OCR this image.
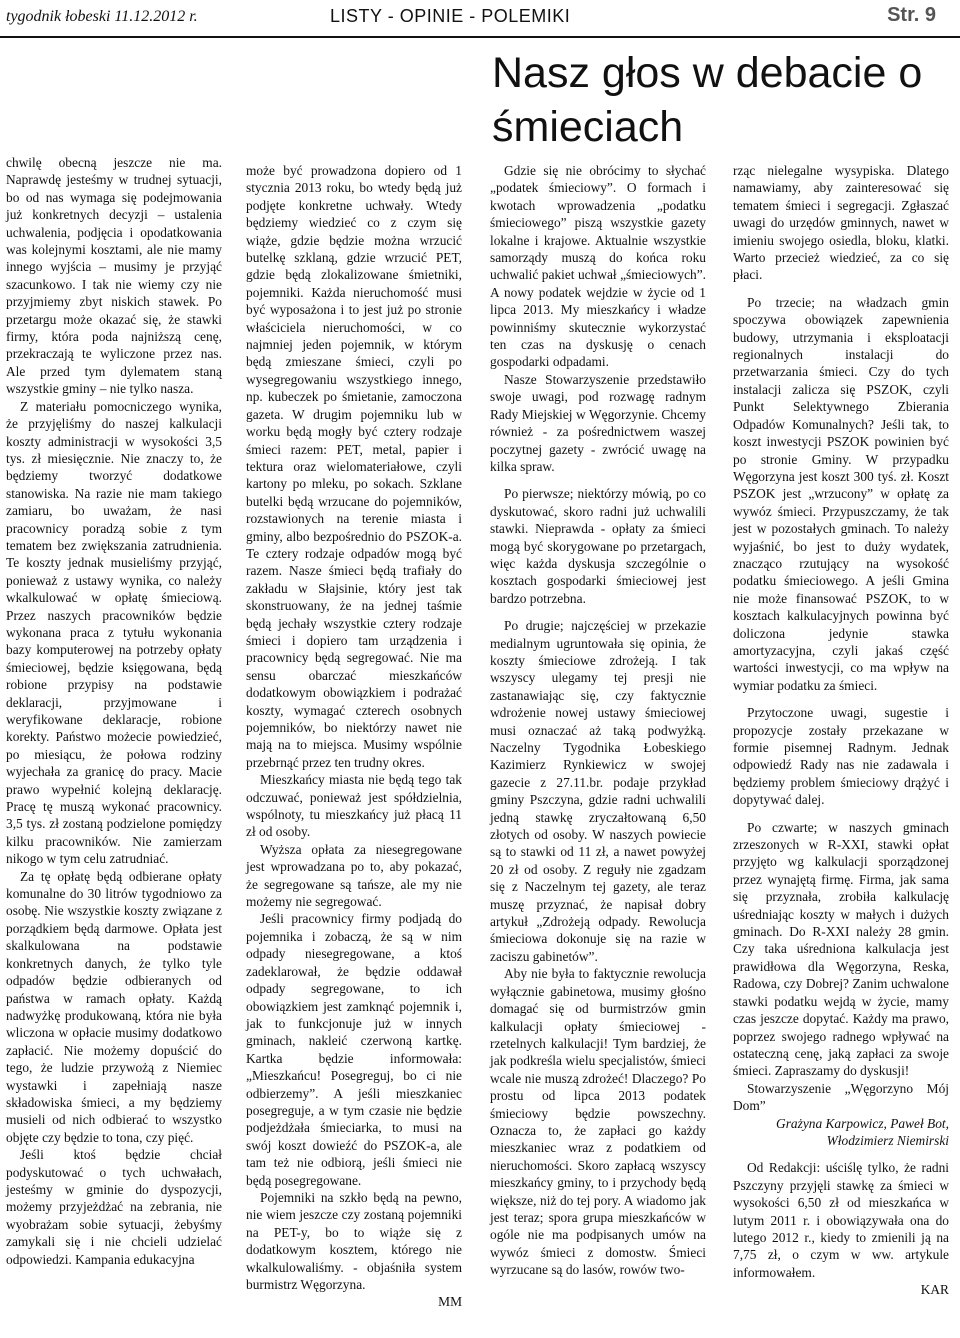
tygodnik łobeski 11.12.2012 r.	LISTY - OPINIE - POLEMIKI	Str. 9
Nasz głos w debacie o śmieciach

chwilę obecną jeszcze nie ma. Naprawdę jesteśmy w trudnej sytuacji, bo od nas wymaga się podejmowania już konkretnych decyzji – ustalenia uchwalenia, podjęcia i opodatkowania was kolejnymi kosztami, ale nie mamy innego wyjścia – musimy je przyjąć szacunkowo. I tak nie wiemy czy nie przyjmiemy zbyt niskich stawek. Po przetargu może okazać się, że stawki firmy, która poda najniższą cenę, przekraczają te wyliczone przez nas. Ale przed tym dylematem staną wszystkie gminy – nie tylko nasza.

Z materiału pomocniczego wynika, że przyjęliśmy do naszej kalkulacji koszty administracji w wysokości 3,5 tys. zł miesięcznie. Nie znaczy to, że będziemy tworzyć dodatkowe stanowiska. Na razie nie mam takiego zamiaru, bo uważam, że nasi pracownicy poradzą sobie z tym tematem bez zwiększania zatrudnienia. Te koszty jednak musieliśmy przyjąć, ponieważ z ustawy wynika, co należy wkalkulować w opłatę śmieciową. Przez naszych pracowników będzie wykonana praca z tytułu wykonania bazy komputerowej na potrzeby opłaty śmieciowej, będzie księgowana, będą robione przypisy na podstawie deklaracji, przyjmowane i weryfikowane deklaracje, robione korekty. Państwo możecie powiedzieć, po miesiącu, że połowa rodziny wyjechała za granicę do pracy. Macie prawo wypełnić kolejną deklarację. Pracę tę muszą wykonać pracownicy. 3,5 tys. zł zostaną podzielone pomiędzy kilku pracowników. Nie zamierzam nikogo w tym celu zatrudniać.

Za tę opłatę będą odbierane opłaty komunalne do 30 litrów tygodniowo za osobę. Nie wszystkie koszty związane z porządkiem będą darmowe. Opłata jest skalkulowana na podstawie konkretnych danych, że tylko tyle odpadów będzie odbieranych od państwa w ramach opłaty. Każdą nadwyżkę produkowaną, która nie była wliczona w opłacie musimy dodatkowo zapłacić. Nie możemy dopuścić do tego, że ludzie przywożą z Niemiec wystawki i zapełniają nasze składowiska śmieci, a my będziemy musieli od nich odbierać to wszystko objęte czy będzie to tona, czy pięć.

Jeśli ktoś będzie chciał podyskutować o tych uchwałach, jesteśmy w gminie do dyspozycji, możemy przyjeżdżać na zebrania, nie wyobrażam sobie sytuacji, żebyśmy zamykali się i nie chcieli udzielać odpowiedzi. Kampania edukacyjna

może być prowadzona dopiero od 1 stycznia 2013 roku, bo wtedy będą już podjęte konkretne uchwały. Wtedy będziemy wiedzieć co z czym się wiąże, gdzie będzie można wrzucić butelkę szklaną, gdzie wrzucić PET, gdzie będą zlokalizowane śmietniki, pojemniki. Każda nieruchomość musi być wyposażona i to jest już po stronie właściciela nieruchomości, w co najmniej jeden pojemnik, w którym będą zmieszane śmieci, czyli po wysegregowaniu wszystkiego innego, np. kubeczek po śmietanie, zamoczona gazeta. W drugim pojemniku lub w worku będą mogły być cztery rodzaje śmieci razem: PET, metal, papier i tektura oraz wielomateriałowe, czyli kartony po mleku, po sokach. Szklane butelki będą wrzucane do pojemników, rozstawionych na terenie miasta i gminy, albo bezpośrednio do PSZOK-a. Te cztery rodzaje odpadów mogą być razem. Nasze śmieci będą trafiały do zakładu w Słajsinie, który jest tak skonstruowany, że na jednej taśmie będą jechały wszystkie cztery rodzaje śmieci i dopiero tam urządzenia i pracownicy będą segregować. Nie ma sensu obarczać mieszkańców dodatkowym obowiązkiem i podrażać koszty, wymagać czterech osobnych pojemników, bo niektórzy nawet nie mają na to miejsca. Musimy wspólnie przebrnąć przez ten trudny okres.

Mieszkańcy miasta nie będą tego tak odczuwać, ponieważ jest spółdzielnia, wspólnoty, tu mieszkańcy już płacą 11 zł od osoby.

Wyższa opłata za niesegregowane jest wprowadzana po to, aby pokazać, że segregowane są tańsze, ale my nie możemy nie segregować.

Jeśli pracownicy firmy podjadą do pojemnika i zobaczą, że są w nim odpady niesegregowane, a ktoś zadeklarował, że będzie oddawał odpady segregowane, to ich obowiązkiem jest zamknąć pojemnik i, jak to funkcjonuje już w innych gminach, nakleić czerwoną kartkę. Kartka będzie informowała: „Mieszkańcu! Posegreguj, bo ci nie odbierzemy”. A jeśli mieszkaniec posegreguje, a w tym czasie nie będzie podjeżdżała śmieciarka, to musi na swój koszt dowieźć do PSZOK-a, ale tam też nie odbiorą, jeśli śmieci nie będą posegregowane.

Pojemniki na szkło będą na pewno, nie wiem jeszcze czy zostaną pojemniki na PET-y, bo to wiąże się z dodatkowym kosztem, którego nie wkalkulowaliśmy. - objaśniła system burmistrz Węgorzyna.

MM

Gdzie się nie obrócimy to słychać „podatek śmieciowy”. O formach i kwotach wprowadzenia „podatku śmieciowego” piszą wszystkie gazety lokalne i krajowe. Aktualnie wszystkie samorządy muszą do końca roku uchwalić pakiet uchwał „śmieciowych”. A nowy podatek wejdzie w życie od 1 lipca 2013. My mieszkańcy i władze powinniśmy skutecznie wykorzystać ten czas na dyskusję o cenach gospodarki odpadami.

Nasze Stowarzyszenie przedstawiło swoje uwagi, pod rozwagę radnym Rady Miejskiej w Węgorzynie. Chcemy również - za pośrednictwem waszej poczytnej gazety - zwrócić uwagę na kilka spraw.

Po pierwsze; niektórzy mówią, po co dyskutować, skoro radni już uchwalili stawki. Nieprawda - opłaty za śmieci mogą być skorygowane po przetargach, więc każda dyskusja szczególnie o kosztach gospodarki śmieciowej jest bardzo potrzebna.

Po drugie; najczęściej w przekazie medialnym ugruntowała się opinia, że koszty śmieciowe zdrożeją. I tak wszyscy ulegamy tej presji nie zastanawiając się, czy faktycznie wdrożenie nowej ustawy śmieciowej musi oznaczać aż taką podwyżką. Naczelny Tygodnika Łobeskiego Kazimierz Rynkiewicz w swojej gazecie z 27.11.br. podaje przykład gminy Pszczyna, gdzie radni uchwalili jedną stawkę zryczałtowaną 6,50 złotych od osoby. W naszych powiecie są to stawki od 11 zł, a nawet powyżej 20 zł od osoby. Z reguły nie zgadzam się z Naczelnym tej gazety, ale teraz muszę przyznać, że napisał dobry artykuł „Zdrożeją odpady. Rewolucja śmieciowa dokonuje się na razie w zaciszu gabinetów”.

Aby nie była to faktycznie rewolucja wyłącznie gabinetowa, musimy głośno domagać się od burmistrzów gmin kalkulacji opłaty śmieciowej - rzetelnych kalkulacji! Tym bardziej, że jak podkreśla wielu specjalistów, śmieci wcale nie muszą zdrożeć! Dlaczego? Po prostu od lipca 2013 podatek śmieciowy będzie powszechny. Oznacza to, że zapłaci go każdy mieszkaniec wraz z podatkiem od nieruchomości. Skoro zapłacą wszyscy mieszkańcy gminy, to i przychody będą większe, niż do tej pory. A wiadomo jak jest teraz; spora grupa mieszkańców w ogóle nie ma podpisanych umów na wywóz śmieci z domostw. Śmieci wyrzucane są do lasów, rowów two-

rząc nielegalne wysypiska. Dlatego namawiamy, aby zainteresować się tematem śmieci i segregacji. Zgłaszać uwagi do urzędów gminnych, nawet w imieniu swojego osiedla, bloku, klatki. Warto przecież wiedzieć, za co się płaci.

Po trzecie; na władzach gmin spoczywa obowiązek zapewnienia budowy, utrzymania i eksploatacji regionalnych instalacji do przetwarzania śmieci. Czy do tych instalacji zalicza się PSZOK, czyli Punkt Selektywnego Zbierania Odpadów Komunalnych? Jeśli tak, to koszt inwestycji PSZOK powinien być po stronie Gminy. W przypadku Węgorzyna jest koszt 300 tyś. zł. Koszt PSZOK jest „wrzucony” w opłatę za wywóz śmieci. Przypuszczamy, że tak jest w pozostałych gminach. To należy wyjaśnić, bo jest to duży wydatek, znacząco rzutujący na wysokość podatku śmieciowego. A jeśli Gmina nie może finansować PSZOK, to w kosztach kalkulacyjnych powinna być doliczona jedynie stawka amortyzacyjna, czyli jakaś część wartości inwestycji, co ma wpływ na wymiar podatku za śmieci.

Przytoczone uwagi, sugestie i propozycje zostały przekazane w formie pisemnej Radnym. Jednak odpowiedź Rady nas nie zadawala i będziemy problem śmieciowy drążyć i dopytywać dalej.

Po czwarte; w naszych gminach zrzeszonych w R-XXI, stawki opłat przyjęto wg kalkulacji sporządzonej przez wynajętą firmę. Firma, jak sama się przyznała, zrobiła kalkulację uśredniając koszty w małych i dużych gminach. Do R-XXI należy 28 gmin. Czy taka uśredniona kalkulacja jest prawidłowa dla Węgorzyna, Reska, Radowa, czy Dobrej? Zanim uchwalone stawki podatku wejdą w życie, mamy czas jeszcze dopytać. Każdy ma prawo, poprzez swojego radnego wpływać na ostateczną cenę, jaką zapłaci za swoje śmieci. Zapraszamy do dyskusji!

Stowarzyszenie „Węgorzyno Mój Dom”

Grażyna Karpowicz, Paweł Bot, Włodzimierz Niemirski

Od Redakcji: uściślę tylko, że radni Pszczyny przyjęli stawkę za śmieci w wysokości 6,50 zł od mieszkańca w lutym 2011 r. i obowiązywała ona do lutego 2012 r., kiedy to zmienili ją na 7,75 zł, o czym w ww. artykule informowałem.

KAR
